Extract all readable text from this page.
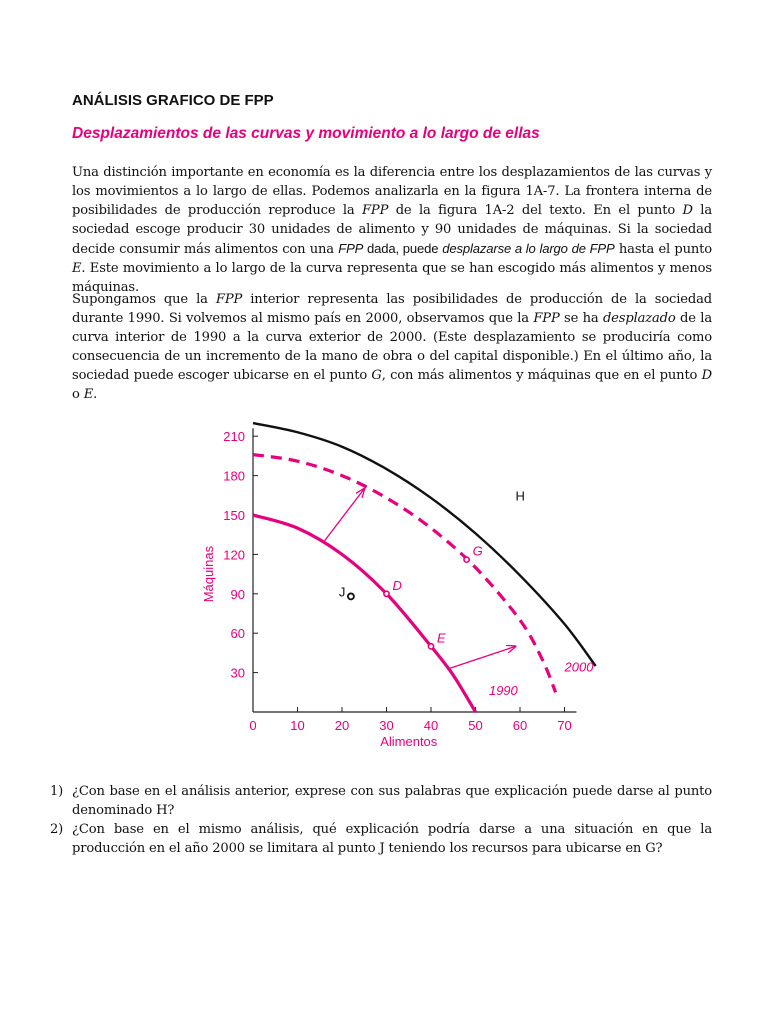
ANÁLISIS GRAFICO DE FPP
Desplazamientos de las curvas y movimiento a lo largo de ellas

Una distinción importante en economía es la diferencia entre los desplazamientos de las curvas y los movimientos a lo largo de ellas. Podemos analizarla en la figura 1A-7. La frontera interna de posibilidades de producción reproduce la FPP de la figura 1A-2 del texto. En el punto D la sociedad escoge producir 30 unidades de alimento y 90 unidades de máquinas. Si la sociedad decide consumir más alimentos con una FPP dada, puede desplazarse a lo largo de FPP hasta el punto E. Este movimiento a lo largo de la curva representa que se han escogido más alimentos y menos máquinas.

Supongamos que la FPP interior representa las posibilidades de producción de la sociedad durante 1990. Si volvemos al mismo país en 2000, observamos que la FPP se ha desplazado de la curva interior de 1990 a la curva exterior de 2000. (Este desplazamiento se produciría como consecuencia de un incremento de la mano de obra o del capital disponible.) En el último año, la sociedad puede escoger ubicarse en el punto G, con más alimentos y máquinas que en el punto D o E.

0	10 20 30 40 50 60 70
30
60
90
120
150
180
210
Alimentos
Máquinas	D
E
G
J
H
2000
1990
1) ¿Con base en el análisis anterior, exprese con sus palabras que explicación puede darse al punto denominado H?
2) ¿Con base en el mismo análisis, qué explicación podría darse a una situación en que la producción en el año 2000 se limitara al punto J teniendo los recursos para ubicarse en G?
